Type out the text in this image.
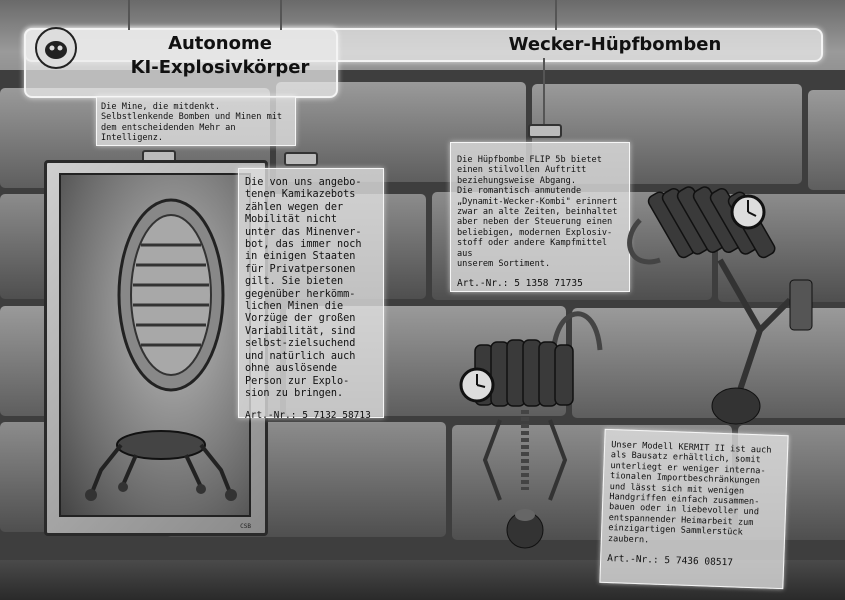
Autonome
KI-Explosivkörper
Wecker-Hüpfbomben
Die Mine, die mitdenkt. Selbstlenkende Bomben und Minen mit dem entscheidenden Mehr an Intelligenz.
CSB
Die von uns angebo-
tenen Kamikazebots
zählen wegen der
Mobilität nicht
unter das Minenver-
bot, das immer noch
in einigen Staaten
für Privatpersonen
gilt. Sie bieten
gegenüber herkömm-
lichen Minen die
Vorzüge der großen
Variabilität, sind
selbst-zielsuchend
und natürlich auch
ohne auslösende
Person zur Explo-
sion zu bringen.
Art.-Nr.: 5 7132 58713
Die Hüpfbombe FLIP 5b bietet
einen stilvollen Auftritt
beziehungsweise Abgang.
Die romantisch anmutende
„Dynamit-Wecker-Kombi" erinnert
zwar an alte Zeiten, beinhaltet
aber neben der Steuerung einen
beliebigen, modernen Explosiv-
stoff oder andere Kampfmittel aus
unserem Sortiment.
Art.-Nr.: 5 1358 71735
Unser Modell KERMIT II ist auch
als Bausatz erhältlich, somit
unterliegt er weniger interna-
tionalen Importbeschränkungen
und lässt sich mit wenigen
Handgriffen einfach zusammen-
bauen oder in liebevoller und
entspannender Heimarbeit zum
einzigartigen Sammlerstück
zaubern.
Art.-Nr.: 5 7436 08517
